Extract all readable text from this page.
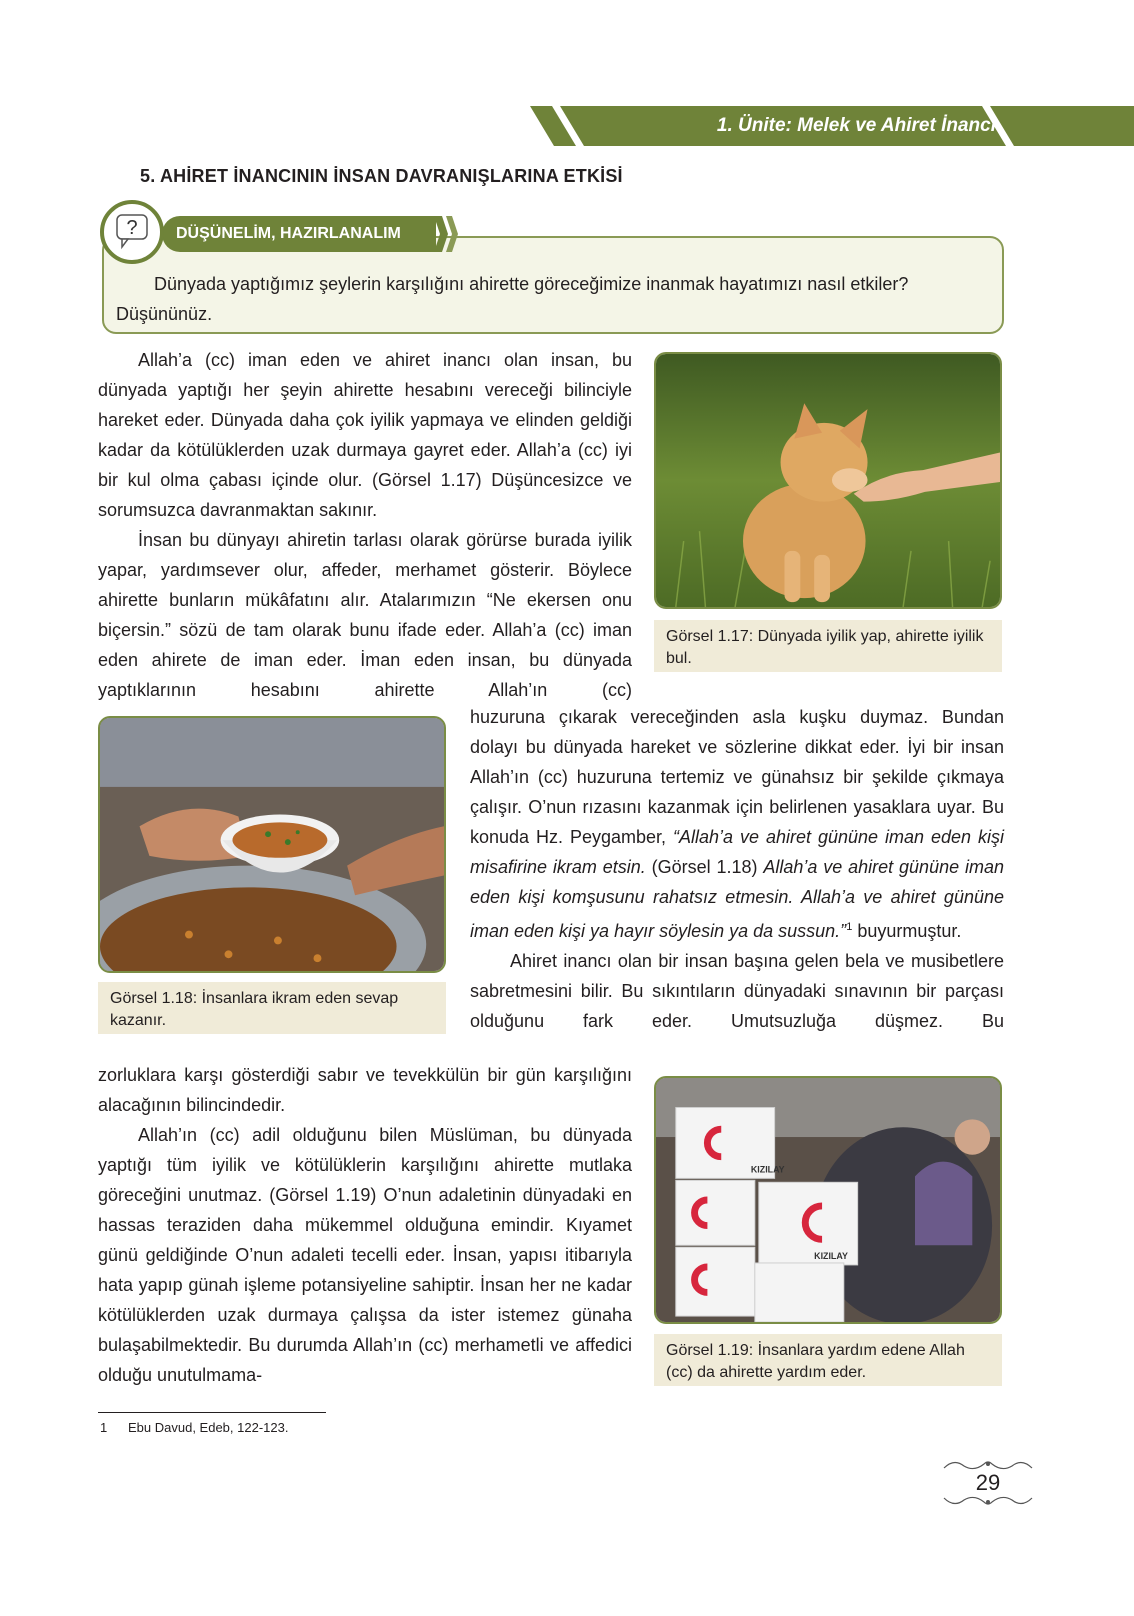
1. Ünite: Melek ve Ahiret İnancı
5. AHİRET İNANCININ İNSAN DAVRANIŞLARINA ETKİSİ
DÜŞÜNELİM, HAZIRLANALIM
?
Dünyada yaptığımız şeylerin karşılığını ahirette göreceğimize inanmak hayatımızı nasıl etkiler? Düşününüz.

Allah’a (cc) iman eden ve ahiret inancı olan insan, bu dünyada yaptığı her şeyin ahirette hesabını vereceği bilinciyle hareket eder. Dünyada daha çok iyilik yapmaya ve elinden geldiği kadar da kötülüklerden uzak durmaya gayret eder. Allah’a (cc) iyi bir kul olma çabası içinde olur. (Görsel 1.17) Düşüncesizce ve sorumsuzca davranmaktan sakınır.

İnsan bu dünyayı ahiretin tarlası olarak görürse burada iyilik yapar, yardımsever olur, affeder, merhamet gösterir. Böylece ahirette bunların mükâfatını alır. Atalarımızın “Ne ekersen onu biçersin.” sözü de tam olarak bunu ifade eder. Allah’a (cc) iman eden ahirete de iman eder. İman eden insan, bu dünyada yaptıklarının hesabını ahirette Allah’ın (cc)

huzuruna çıkarak vereceğinden asla kuşku duymaz. Bundan dolayı bu dünyada hareket ve sözlerine dikkat eder. İyi bir insan Allah’ın (cc) huzuruna tertemiz ve günahsız bir şekilde çıkmaya çalışır. O’nun rızasını kazanmak için belirlenen yasaklara uyar. Bu konuda Hz. Peygamber, “Allah’a ve ahiret gününe iman eden kişi misafirine ikram etsin. (Görsel 1.18) Allah’a ve ahiret gününe iman eden kişi komşusunu rahatsız etmesin. Allah’a ve ahiret gününe iman eden kişi ya hayır söylesin ya da sussun.”$^1$ buyurmuştur.

Ahiret inancı olan bir insan başına gelen bela ve musibetlere sabretmesini bilir. Bu sıkıntıların dünyadaki sınavının bir parçası olduğunu fark eder. Umutsuzluğa düşmez. Bu

zorluklara karşı gösterdiği sabır ve tevekkülün bir gün karşılığını alacağının bilincindedir.

Allah’ın (cc) adil olduğunu bilen Müslüman, bu dünyada yaptığı tüm iyilik ve kötülüklerin karşılığını ahirette mutlaka göreceğini unutmaz. (Görsel 1.19) O’nun adaletinin dünyadaki en hassas teraziden daha mükemmel olduğuna emindir. Kıyamet günü geldiğinde O’nun adaleti tecelli eder. İnsan, yapısı itibarıyla hata yapıp günah işleme potansiyeline sahiptir. İnsan her ne kadar kötülüklerden uzak durmaya çalışsa da ister istemez günaha bulaşabilmektedir. Bu durumda Allah’ın (cc) merhametli ve affedici olduğu unutulmama-

Görsel 1.17: Dünyada iyilik yap, ahirette iyilik bul.
Görsel 1.18: İnsanlara ikram eden sevap kazanır.
KIZILAY
KIZILAY
Görsel 1.19: İnsanlara yardım edene Allah (cc) da ahirette yardım eder.
1 Ebu Davud, Edeb, 122-123.
29
